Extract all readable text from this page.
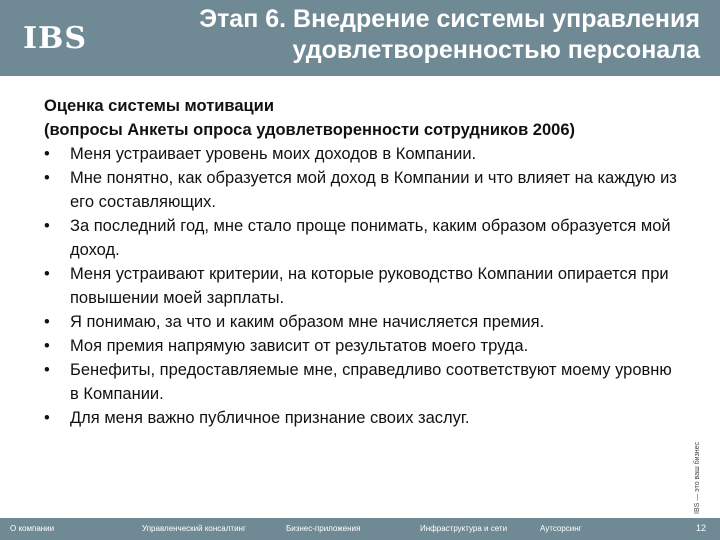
IBS
Этап 6. Внедрение системы управления
удовлетворенностью персонала
Оценка системы мотивации
(вопросы Анкеты опроса удовлетворенности сотрудников 2006)
• Меня устраивает уровень моих доходов в Компании.
• Мне понятно, как образуется мой доход в Компании и что влияет на каждую из его составляющих.
• За последний год, мне стало проще понимать, каким образом образуется мой доход.
• Меня устраивают критерии, на которые руководство Компании опирается при повышении моей зарплаты.
• Я понимаю, за что и каким образом мне начисляется премия.
• Моя премия напрямую зависит от результатов моего труда.
• Бенефиты, предоставляемые мне, справедливо соответствуют моему уровню в Компании.
• Для меня важно публичное признание своих заслуг.
IBS — это ваш бизнес
О компании	Управленческий консалтинг	Бизнес-приложения	Инфраструктура и сети	Аутсорсинг	12
